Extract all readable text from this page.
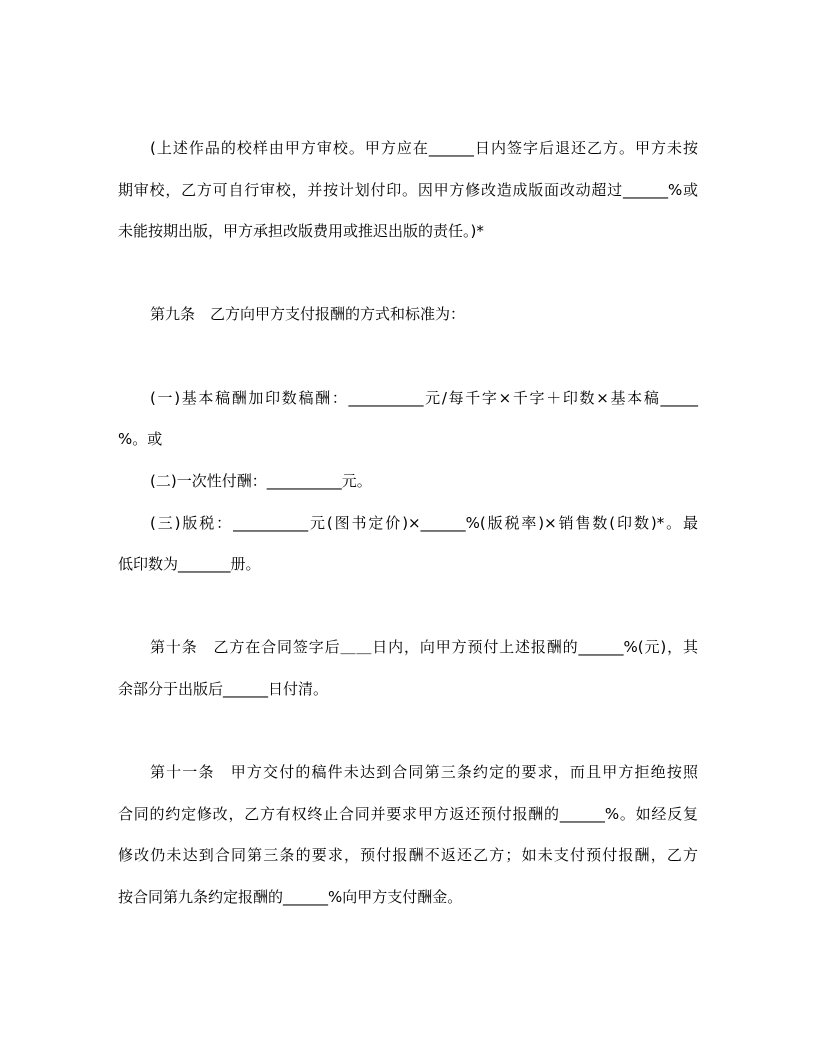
(上述作品的校样由甲方审校。甲方应在______日内签字后退还乙方。甲方未按
期审校，乙方可自行审校，并按计划付印。因甲方修改造成版面改动超过______%或
未能按期出版，甲方承担改版费用或推迟出版的责任。)*
第九条　乙方向甲方支付报酬的方式和标准为：
(一)基本稿酬加印数稿酬：__________元/每千字×千字＋印数×基本稿_____
%。或
(二)一次性付酬：__________元。
(三)版税：__________元(图书定价)×______%(版税率)×销售数(印数)*。最
低印数为_______册。
第十条　乙方在合同签字后＿＿日内，向甲方预付上述报酬的______%(元)，其
余部分于出版后______日付清。
第十一条　甲方交付的稿件未达到合同第三条约定的要求，而且甲方拒绝按照
合同的约定修改，乙方有权终止合同并要求甲方返还预付报酬的______%。如经反复
修改仍未达到合同第三条的要求，预付报酬不返还乙方；如未支付预付报酬，乙方
按合同第九条约定报酬的______%向甲方支付酬金。
